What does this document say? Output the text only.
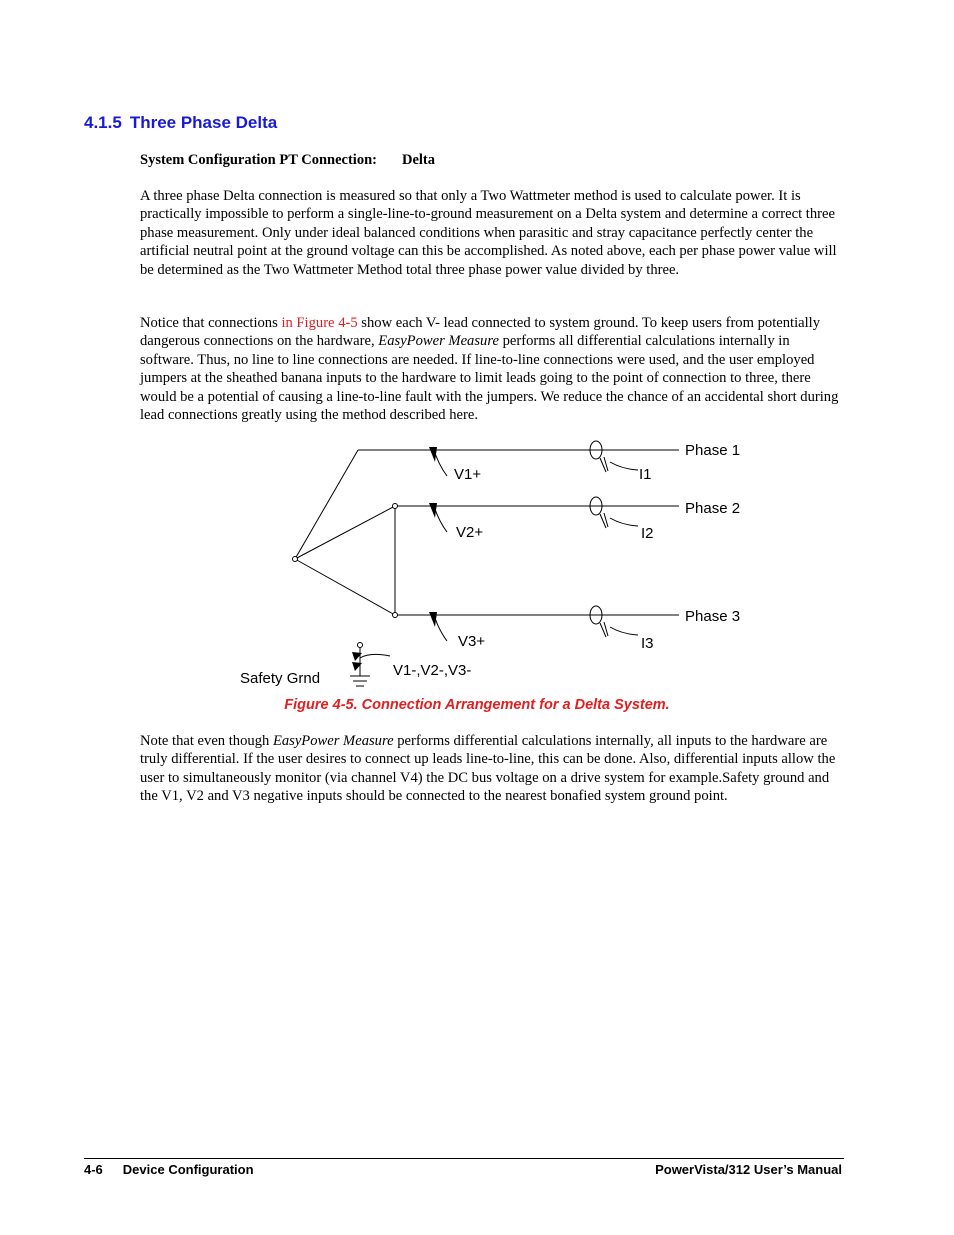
4.1.5 Three Phase Delta
System Configuration PT Connection: Delta

A three phase Delta connection is measured so that only a Two Wattmeter method is used to calculate power. It is practically impossible to perform a single-line-to-ground measurement on a Delta system and determine a correct three phase measurement. Only under ideal balanced conditions when parasitic and stray capacitance perfectly center the artificial neutral point at the ground voltage can this be accomplished. As noted above, each per phase power value will be determined as the Two Wattmeter Method total three phase power value divided by three.

Notice that connections in Figure 4-5 show each V- lead connected to system ground. To keep users from potentially dangerous connections on the hardware, EasyPower Measure performs all differential calculations internally in software. Thus, no line to line connections are needed. If line-to-line connections were used, and the user employed jumpers at the sheathed banana inputs to the hardware to limit leads going to the point of connection to three, there would be a potential of causing a line-to-line fault with the jumpers. We reduce the chance of an accidental short during lead connections greatly using the method described here.

Phase 1
Phase 2
Phase 3
V1+
V2+
V3+
I1
I2
I3
Safety Grnd	V1-,V2-,V3-
Figure 4-5. Connection Arrangement for a Delta System.

Note that even though EasyPower Measure performs differential calculations internally, all inputs to the hardware are truly differential. If the user desires to connect up leads line-to-line, this can be done. Also, differential inputs allow the user to simultaneously monitor (via channel V4) the DC bus voltage on a drive system for example.Safety ground and the V1, V2 and V3 negative inputs should be connected to the nearest bonafied system ground point.

4-6 Device Configuration	PowerVista/312 User’s Manual
